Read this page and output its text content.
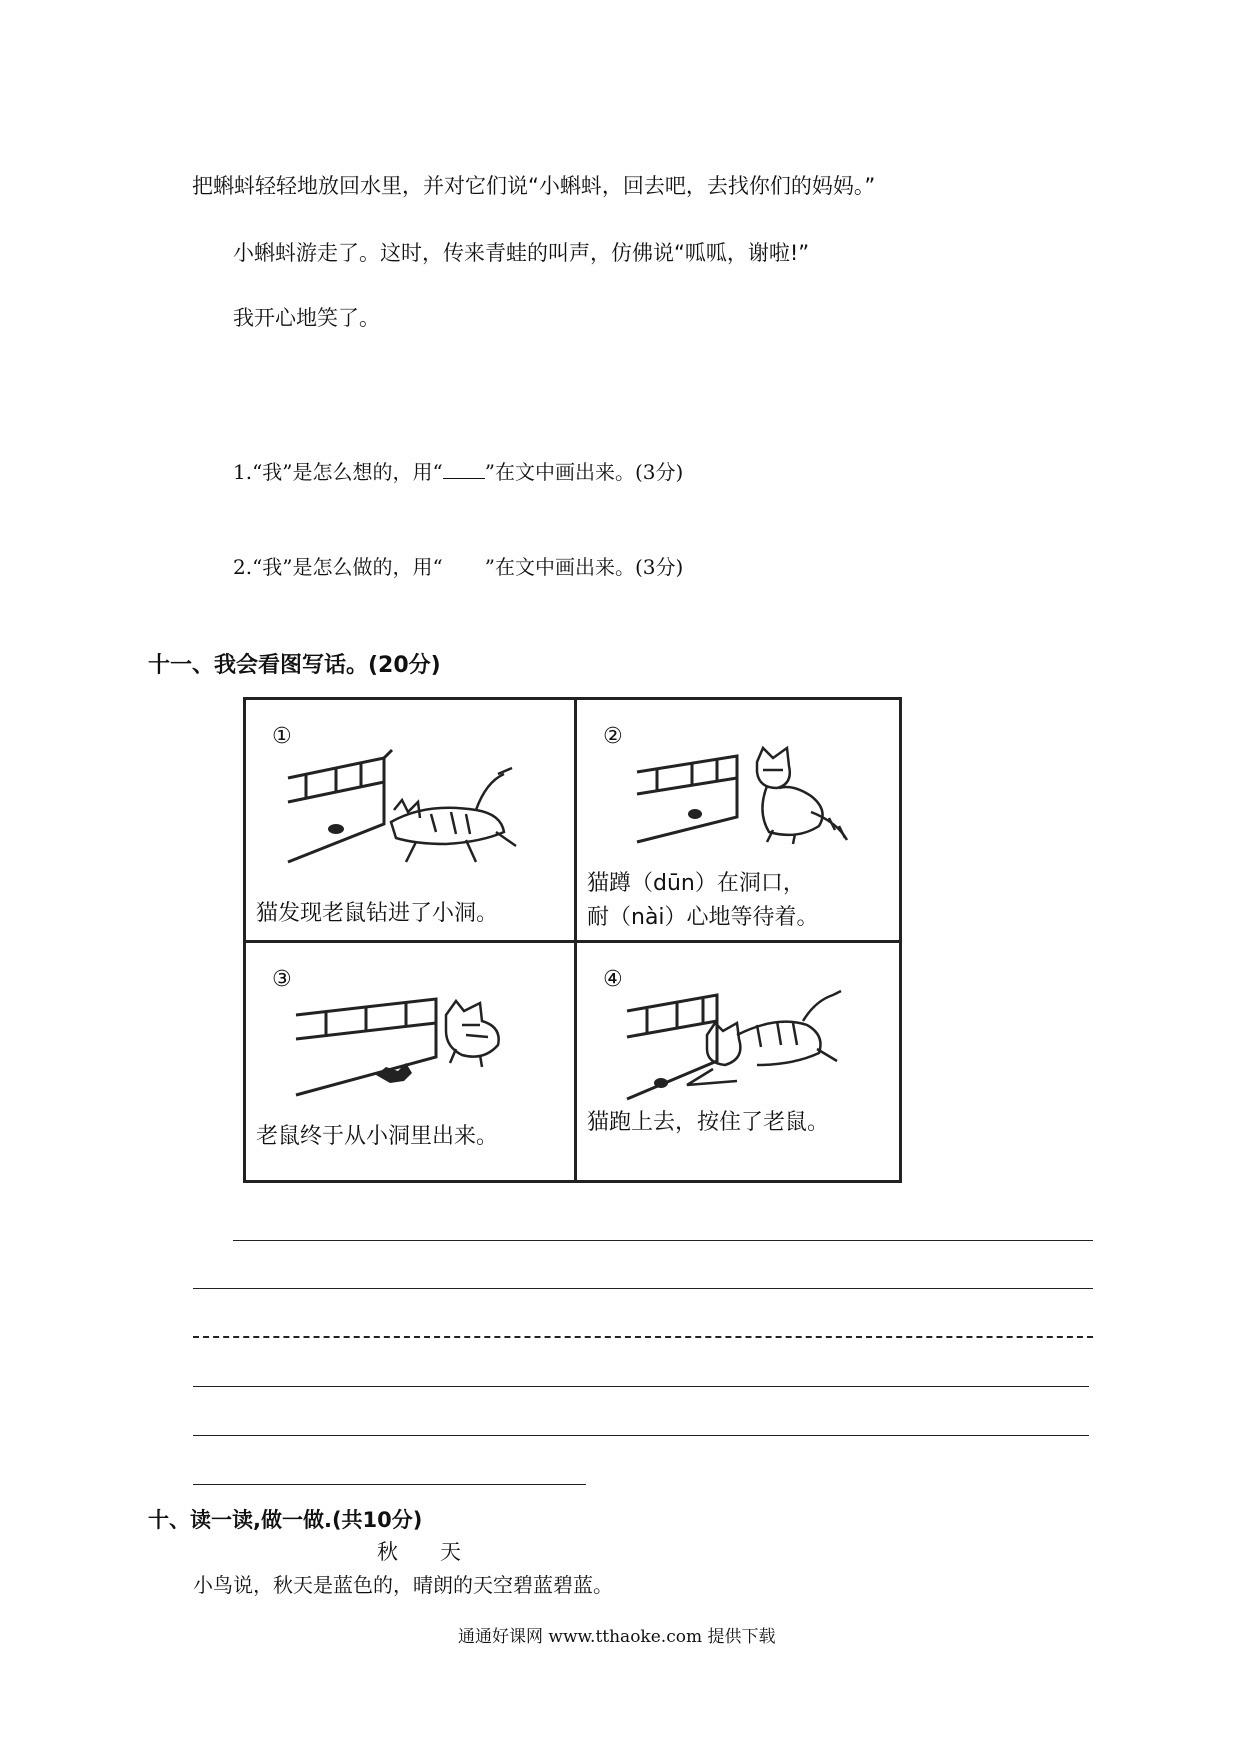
把蝌蚪轻轻地放回水里，并对它们说“小蝌蚪，回去吧，去找你们的妈妈。”
小蝌蚪游走了。这时，传来青蛙的叫声，仿佛说“呱呱，谢啦!”
我开心地笑了。
1.“我”是怎么想的，用“ ”在文中画出来。(3分)
2.“我”是怎么做的，用“ ”在文中画出来。(3分)
十一、我会看图写话。(20分)
①
猫发现老鼠钻进了小洞。
②
猫蹲（dūn）在洞口，
耐（nài）心地等待着。
③
老鼠终于从小洞里出来。
④
猫跑上去，按住了老鼠。
十、读一读,做一做.(共10分)
秋　　天
小鸟说，秋天是蓝色的，晴朗的天空碧蓝碧蓝。
通通好课网 www.tthaoke.com 提供下载
